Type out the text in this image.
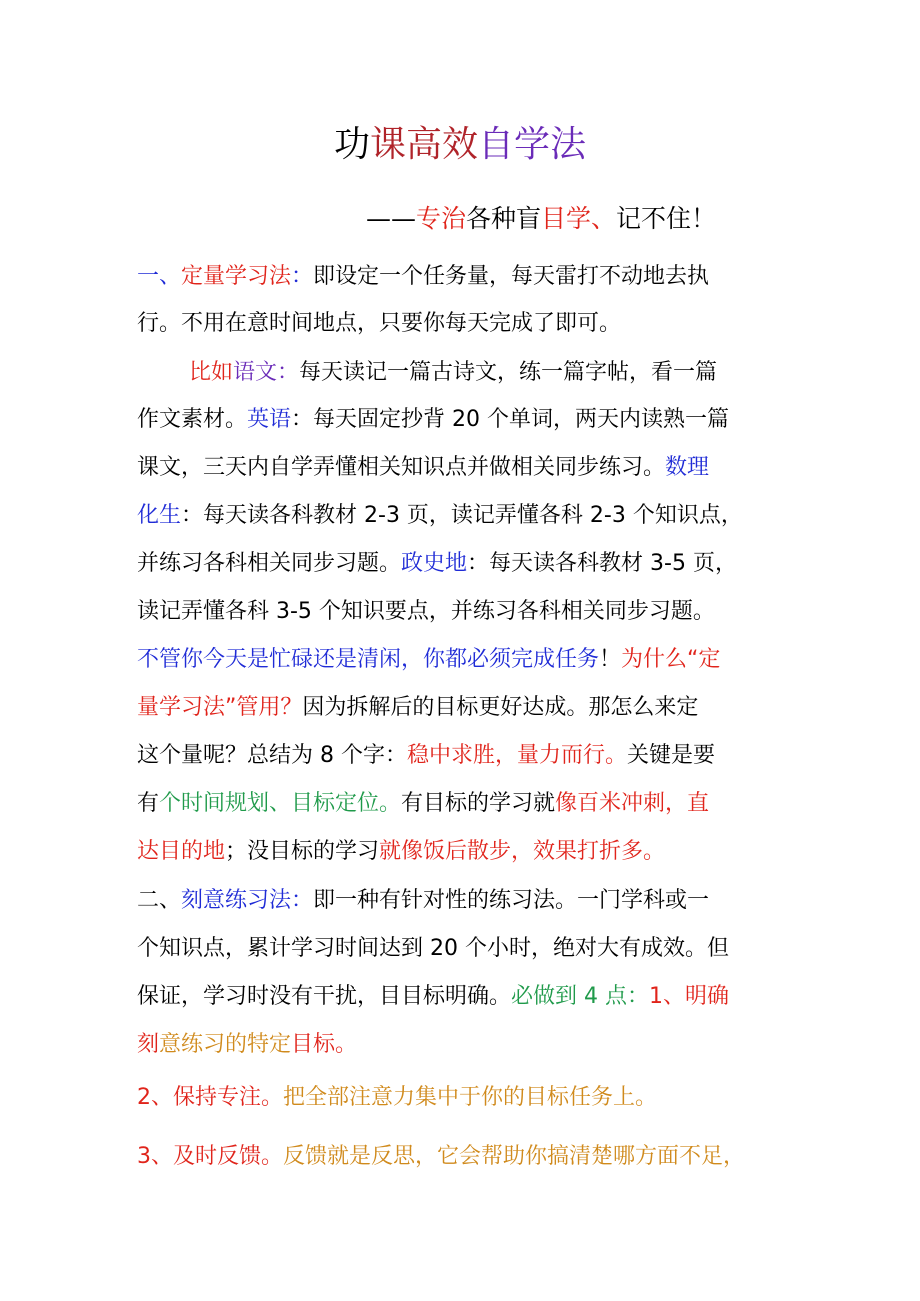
功课高效自学法
——专治各种盲目学、记不住！
一、定量学习法：即设定一个任务量，每天雷打不动地去执
行。不用在意时间地点，只要你每天完成了即可。
比如语文：每天读记一篇古诗文，练一篇字帖，看一篇
作文素材。英语：每天固定抄背 20 个单词，两天内读熟一篇
课文，三天内自学弄懂相关知识点并做相关同步练习。数理
化生：每天读各科教材 2-3 页，读记弄懂各科 2-3 个知识点，
并练习各科相关同步习题。政史地：每天读各科教材 3-5 页，
读记弄懂各科 3-5 个知识要点，并练习各科相关同步习题。
不管你今天是忙碌还是清闲，你都必须完成任务！为什么“定
量学习法”管用？因为拆解后的目标更好达成。那怎么来定
这个量呢？总结为 8 个字：稳中求胜，量力而行。关键是要
有个时间规划、目标定位。有目标的学习就像百米冲刺，直
达目的地；没目标的学习就像饭后散步，效果打折多。
二、刻意练习法：即一种有针对性的练习法。一门学科或一
个知识点，累计学习时间达到 20 个小时，绝对大有成效。但
保证，学习时没有干扰，目目标明确。必做到 4 点：1、明确
刻意练习的特定目标。
2、保持专注。把全部注意力集中于你的目标任务上。
3、及时反馈。反馈就是反思，它会帮助你搞清楚哪方面不足，
